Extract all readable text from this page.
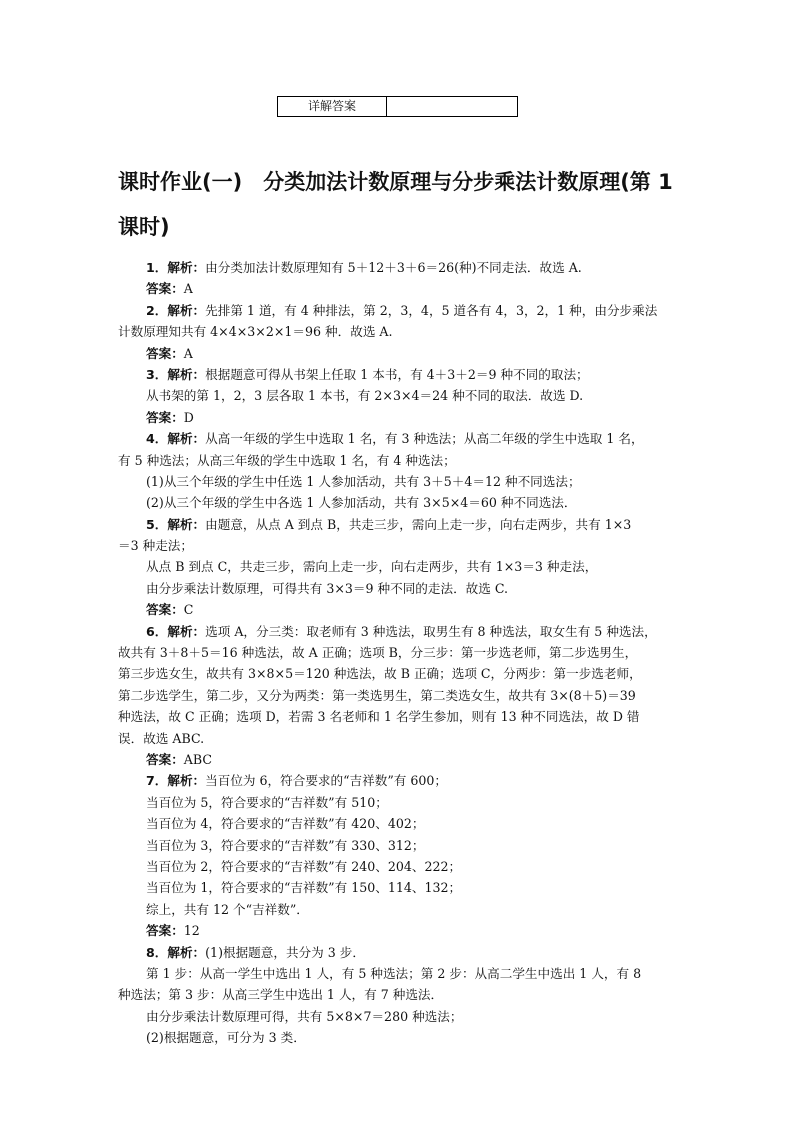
详解答案	
课时作业(一)　分类加法计数原理与分步乘法计数原理(第 1 课时)
1．解析：由分类加法计数原理知有 5＋12＋3＋6＝26(种)不同走法．故选 A.
答案：A
2．解析：先排第 1 道，有 4 种排法，第 2，3，4，5 道各有 4，3，2，1 种，由分步乘法
计数原理知共有 4×4×3×2×1＝96 种．故选 A.
答案：A
3．解析：根据题意可得从书架上任取 1 本书，有 4＋3＋2＝9 种不同的取法；
从书架的第 1，2，3 层各取 1 本书，有 2×3×4＝24 种不同的取法．故选 D.
答案：D
4．解析：从高一年级的学生中选取 1 名，有 3 种选法；从高二年级的学生中选取 1 名，
有 5 种选法；从高三年级的学生中选取 1 名，有 4 种选法；
(1)从三个年级的学生中任选 1 人参加活动，共有 3＋5＋4＝12 种不同选法；
(2)从三个年级的学生中各选 1 人参加活动，共有 3×5×4＝60 种不同选法．
5．解析：由题意，从点 A 到点 B，共走三步，需向上走一步，向右走两步，共有 1×3
＝3 种走法；
从点 B 到点 C，共走三步，需向上走一步，向右走两步，共有 1×3＝3 种走法，
由分步乘法计数原理，可得共有 3×3＝9 种不同的走法．故选 C.
答案：C
6．解析：选项 A，分三类：取老师有 3 种选法，取男生有 8 种选法，取女生有 5 种选法，
故共有 3＋8＋5＝16 种选法，故 A 正确；选项 B，分三步：第一步选老师，第二步选男生，
第三步选女生，故共有 3×8×5＝120 种选法，故 B 正确；选项 C，分两步：第一步选老师，
第二步选学生，第二步，又分为两类：第一类选男生，第二类选女生，故共有 3×(8＋5)＝39
种选法，故 C 正确；选项 D，若需 3 名老师和 1 名学生参加，则有 13 种不同选法，故 D 错
误．故选 ABC.
答案：ABC
7．解析：当百位为 6，符合要求的“吉祥数”有 600；
当百位为 5，符合要求的“吉祥数”有 510；
当百位为 4，符合要求的“吉祥数”有 420、402；
当百位为 3，符合要求的“吉祥数”有 330、312；
当百位为 2，符合要求的“吉祥数”有 240、204、222；
当百位为 1，符合要求的“吉祥数”有 150、114、132；
综上，共有 12 个“吉祥数”．
答案：12
8．解析：(1)根据题意，共分为 3 步．
第 1 步：从高一学生中选出 1 人，有 5 种选法；第 2 步：从高二学生中选出 1 人，有 8
种选法；第 3 步：从高三学生中选出 1 人，有 7 种选法．
由分步乘法计数原理可得，共有 5×8×7＝280 种选法；
(2)根据题意，可分为 3 类．
